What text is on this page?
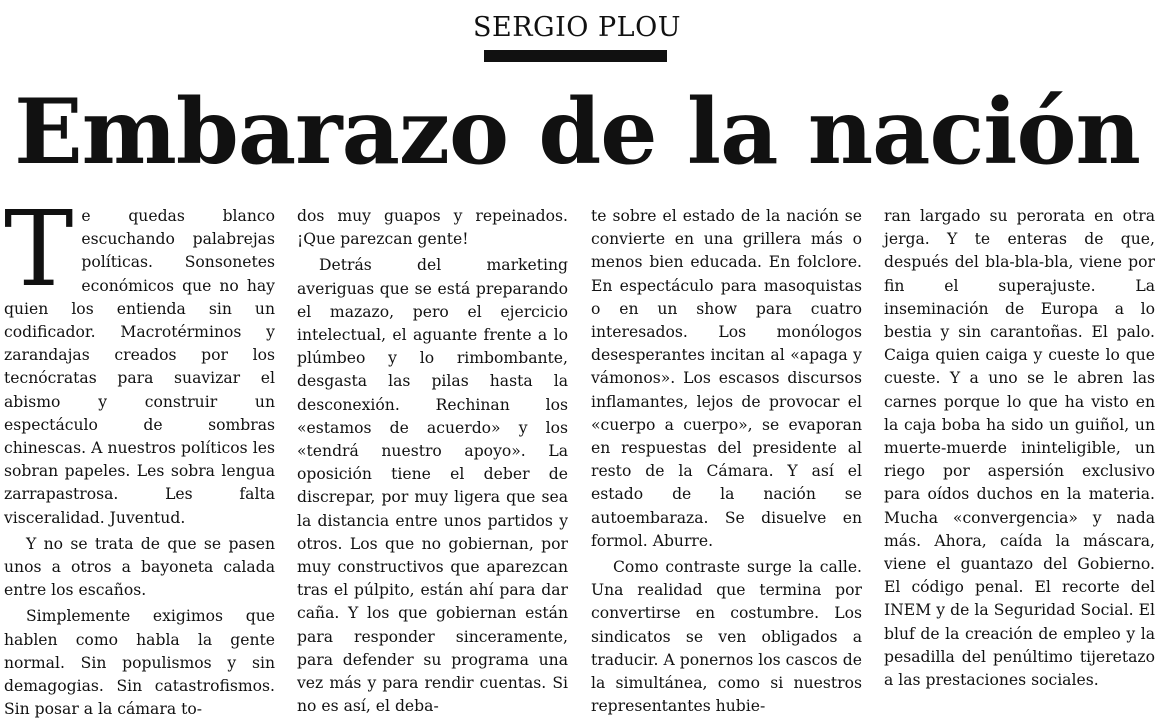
SERGIO PLOU
Embarazo de la nación

Te quedas blanco escuchando palabrejas políticas. Sonsonetes económicos que no hay quien los entienda sin un codificador. Macrotérminos y zarandajas creados por los tecnócratas para suavizar el abismo y construir un espectáculo de sombras chinescas. A nuestros políticos les sobran papeles. Les sobra lengua zarrapastrosa. Les falta visceralidad. Juventud.

Y no se trata de que se pasen unos a otros a bayoneta calada entre los escaños.

Simplemente exigimos que hablen como habla la gente normal. Sin populismos y sin demagogias. Sin catastrofismos. Sin posar a la cámara to-

dos muy guapos y repeinados. ¡Que parezcan gente!

Detrás del marketing averiguas que se está preparando el mazazo, pero el ejercicio intelectual, el aguante frente a lo plúmbeo y lo rimbombante, desgasta las pilas hasta la desconexión. Rechinan los «estamos de acuerdo» y los «tendrá nuestro apoyo». La oposición tiene el deber de discrepar, por muy ligera que sea la distancia entre unos partidos y otros. Los que no gobiernan, por muy constructivos que aparezcan tras el púlpito, están ahí para dar caña. Y los que gobiernan están para responder sinceramente, para defender su programa una vez más y para rendir cuentas. Si no es así, el deba-

te sobre el estado de la nación se convierte en una grillera más o menos bien educada. En folclore. En espectáculo para masoquistas o en un show para cuatro interesados. Los monólogos desesperantes incitan al «apaga y vámonos». Los escasos discursos inflamantes, lejos de provocar el «cuerpo a cuerpo», se evaporan en respuestas del presidente al resto de la Cámara. Y así el estado de la nación se autoembaraza. Se disuelve en formol. Aburre.

Como contraste surge la calle. Una realidad que termina por convertirse en costumbre. Los sindicatos se ven obligados a traducir. A ponernos los cascos de la simultánea, como si nuestros representantes hubie-

ran largado su perorata en otra jerga. Y te enteras de que, después del bla-bla-bla, viene por fin el superajuste. La inseminación de Europa a lo bestia y sin carantoñas. El palo. Caiga quien caiga y cueste lo que cueste. Y a uno se le abren las carnes porque lo que ha visto en la caja boba ha sido un guiñol, un muerte-muerde ininteligible, un riego por aspersión exclusivo para oídos duchos en la materia. Mucha «convergencia» y nada más. Ahora, caída la máscara, viene el guantazo del Gobierno. El código penal. El recorte del INEM y de la Seguridad Social. El bluf de la creación de empleo y la pesadilla del penúltimo tijeretazo a las prestaciones sociales.
